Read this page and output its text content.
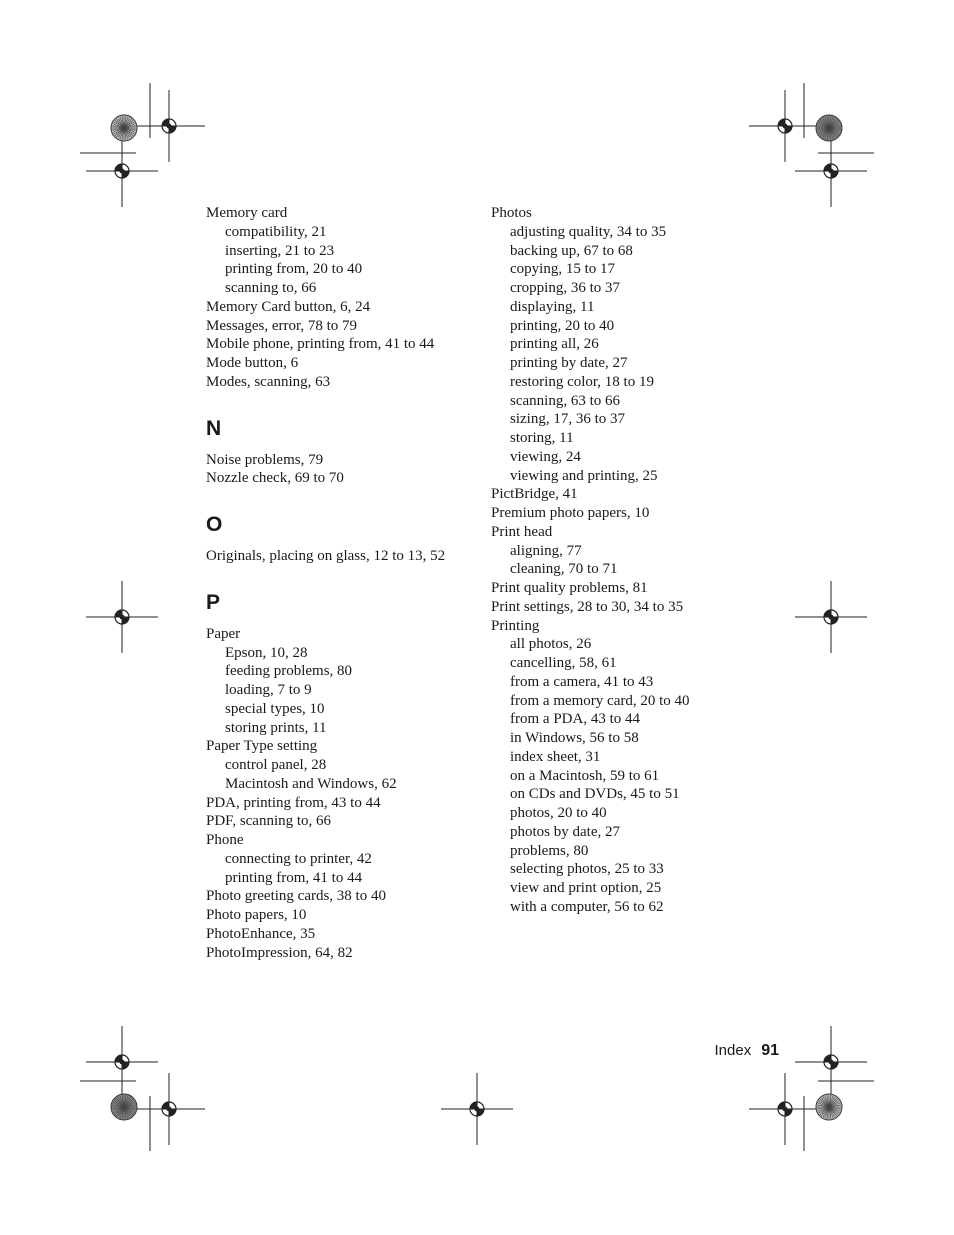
Memory card
compatibility, 21
inserting, 21 to 23
printing from, 20 to 40
scanning to, 66
Memory Card button, 6, 24
Messages, error, 78 to 79
Mobile phone, printing from, 41 to 44
Mode button, 6
Modes, scanning, 63
N
Noise problems, 79
Nozzle check, 69 to 70
O
Originals, placing on glass, 12 to 13, 52
P
Paper
Epson, 10, 28
feeding problems, 80
loading, 7 to 9
special types, 10
storing prints, 11
Paper Type setting
control panel, 28
Macintosh and Windows, 62
PDA, printing from, 43 to 44
PDF, scanning to, 66
Phone
connecting to printer, 42
printing from, 41 to 44
Photo greeting cards, 38 to 40
Photo papers, 10
PhotoEnhance, 35
PhotoImpression, 64, 82
Photos
adjusting quality, 34 to 35
backing up, 67 to 68
copying, 15 to 17
cropping, 36 to 37
displaying, 11
printing, 20 to 40
printing all, 26
printing by date, 27
restoring color, 18 to 19
scanning, 63 to 66
sizing, 17, 36 to 37
storing, 11
viewing, 24
viewing and printing, 25
PictBridge, 41
Premium photo papers, 10
Print head
aligning, 77
cleaning, 70 to 71
Print quality problems, 81
Print settings, 28 to 30, 34 to 35
Printing
all photos, 26
cancelling, 58, 61
from a camera, 41 to 43
from a memory card, 20 to 40
from a PDA, 43 to 44
in Windows, 56 to 58
index sheet, 31
on a Macintosh, 59 to 61
on CDs and DVDs, 45 to 51
photos, 20 to 40
photos by date, 27
problems, 80
selecting photos, 25 to 33
view and print option, 25
with a computer, 56 to 62
Index 91
